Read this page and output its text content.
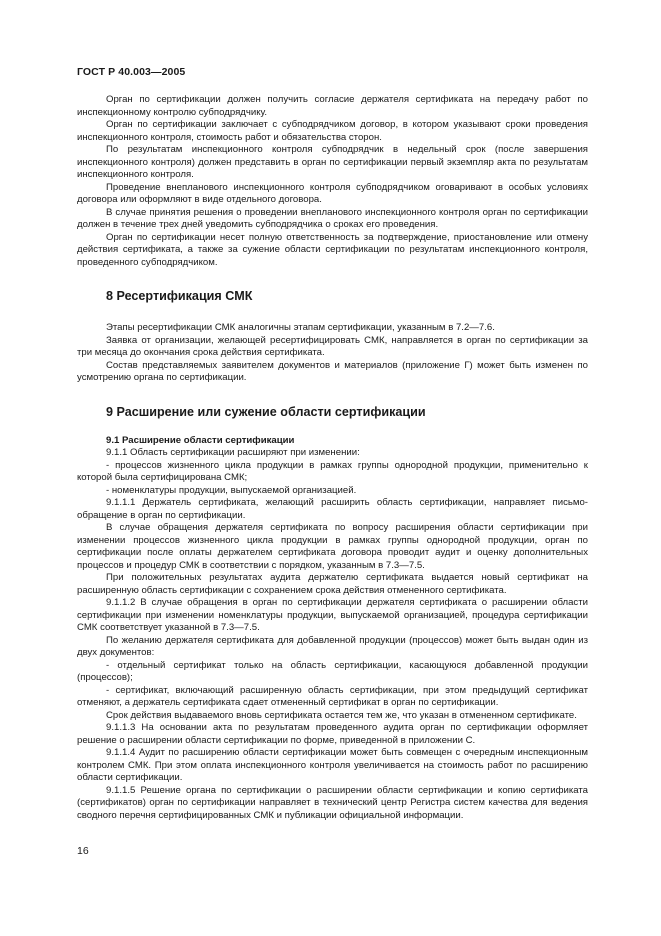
ГОСТ Р 40.003—2005

Орган по сертификации должен получить согласие держателя сертификата на передачу работ по инспекционному контролю субподрядчику.

Орган по сертификации заключает с субподрядчиком договор, в котором указывают сроки проведения инспекционного контроля, стоимость работ и обязательства сторон.

По результатам инспекционного контроля субподрядчик в недельный срок (после завершения инспекционного контроля) должен представить в орган по сертификации первый экземпляр акта по результатам инспекционного контроля.

Проведение внепланового инспекционного контроля субподрядчиком оговаривают в особых условиях договора или оформляют в виде отдельного договора.

В случае принятия решения о проведении внепланового инспекционного контроля орган по сертификации должен в течение трех дней уведомить субподрядчика о сроках его проведения.

Орган по сертификации несет полную ответственность за подтверждение, приостановление или отмену действия сертификата, а также за сужение области сертификации по результатам инспекционного контроля, проведенного субподрядчиком.

8 Ресертификация СМК

Этапы ресертификации СМК аналогичны этапам сертификации, указанным в 7.2—7.6.

Заявка от организации, желающей ресертифицировать СМК, направляется в орган по сертификации за три месяца до окончания срока действия сертификата.

Состав представляемых заявителем документов и материалов (приложение Г) может быть изменен по усмотрению органа по сертификации.

9 Расширение или сужение области сертификации
9.1 Расширение области сертификации

9.1.1 Область сертификации расширяют при изменении:

- процессов жизненного цикла продукции в рамках группы однородной продукции, применительно к которой была сертифицирована СМК;

- номенклатуры продукции, выпускаемой организацией.

9.1.1.1 Держатель сертификата, желающий расширить область сертификации, направляет письмо-обращение в орган по сертификации.

В случае обращения держателя сертификата по вопросу расширения области сертификации при изменении процессов жизненного цикла продукции в рамках группы однородной продукции, орган по сертификации после оплаты держателем сертификата договора проводит аудит и оценку дополнительных процессов и процедур СМК в соответствии с порядком, указанным в 7.3—7.5.

При положительных результатах аудита держателю сертификата выдается новый сертификат на расширенную область сертификации с сохранением срока действия отмененного сертификата.

9.1.1.2 В случае обращения в орган по сертификации держателя сертификата о расширении области сертификации при изменении номенклатуры продукции, выпускаемой организацией, процедура сертификации СМК соответствует указанной в 7.3—7.5.

По желанию держателя сертификата для добавленной продукции (процессов) может быть выдан один из двух документов:

- отдельный сертификат только на область сертификации, касающуюся добавленной продукции (процессов);

- сертификат, включающий расширенную область сертификации, при этом предыдущий сертификат отменяют, а держатель сертификата сдает отмененный сертификат в орган по сертификации.

Срок действия выдаваемого вновь сертификата остается тем же, что указан в отмененном сертификате.

9.1.1.3 На основании акта по результатам проведенного аудита орган по сертификации оформляет решение о расширении области сертификации по форме, приведенной в приложении С.

9.1.1.4 Аудит по расширению области сертификации может быть совмещен с очередным инспекционным контролем СМК. При этом оплата инспекционного контроля увеличивается на стоимость работ по расширению области сертификации.

9.1.1.5 Решение органа по сертификации о расширении области сертификации и копию сертификата (сертификатов) орган по сертификации направляет в технический центр Регистра систем качества для ведения сводного перечня сертифицированных СМК и публикации официальной информации.

16
